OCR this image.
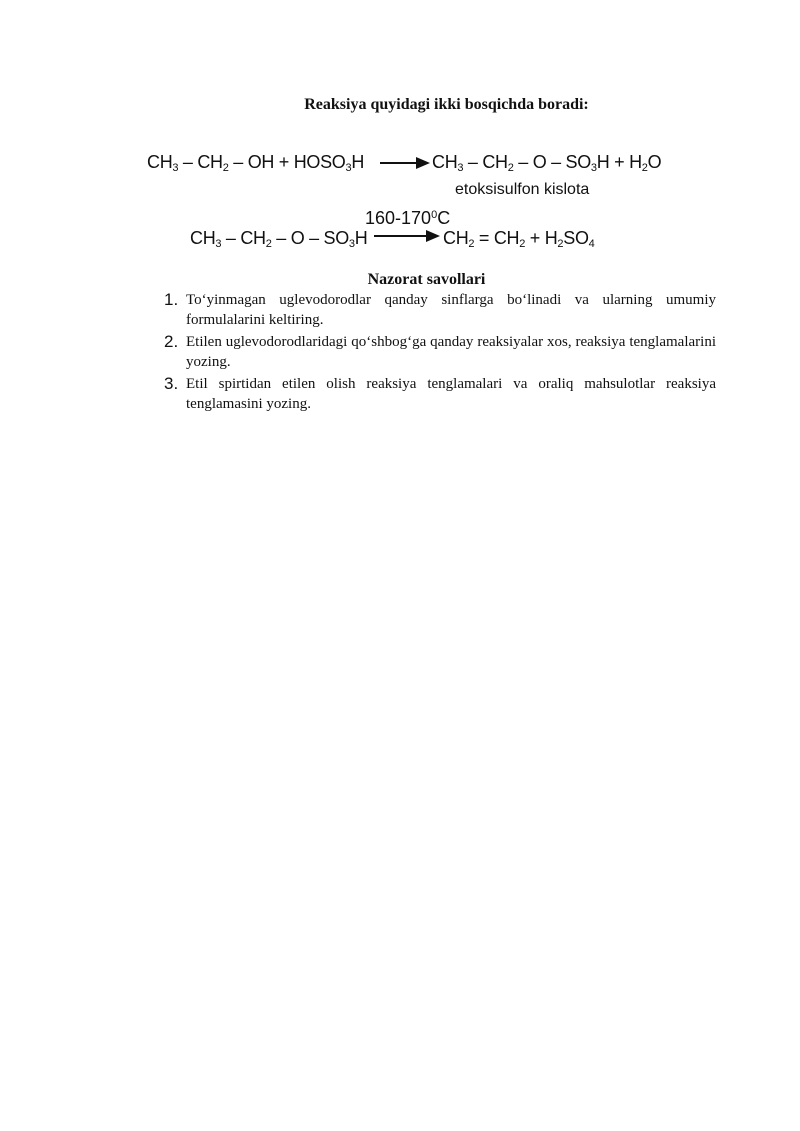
Reaksiya quyidagi ikki bosqichda boradi:
$CH_3 - CH_2$ – OH + $HOSO_3H$	$CH_3 - CH_2 - O - SO_3H + H_2O$
etoksisulfon kislota
$160-170^0C$
$CH_3 - CH_2$ – O – $SO_3H$	$CH_2 = CH_2 + H_2SO_4$
Nazorat savollari
1. To‘yinmagan uglevodorodlar qanday sinflarga bo‘linadi va ularning umumiy formulalarini keltiring.
2. Etilen uglevodorodlaridagi qo‘shbog‘ga qanday reaksiyalar xos, reaksiya tenglamalarini yozing.
3. Etil spirtidan etilen olish reaksiya tenglamalari va oraliq mahsulotlar reaksiya tenglamasini yozing.
